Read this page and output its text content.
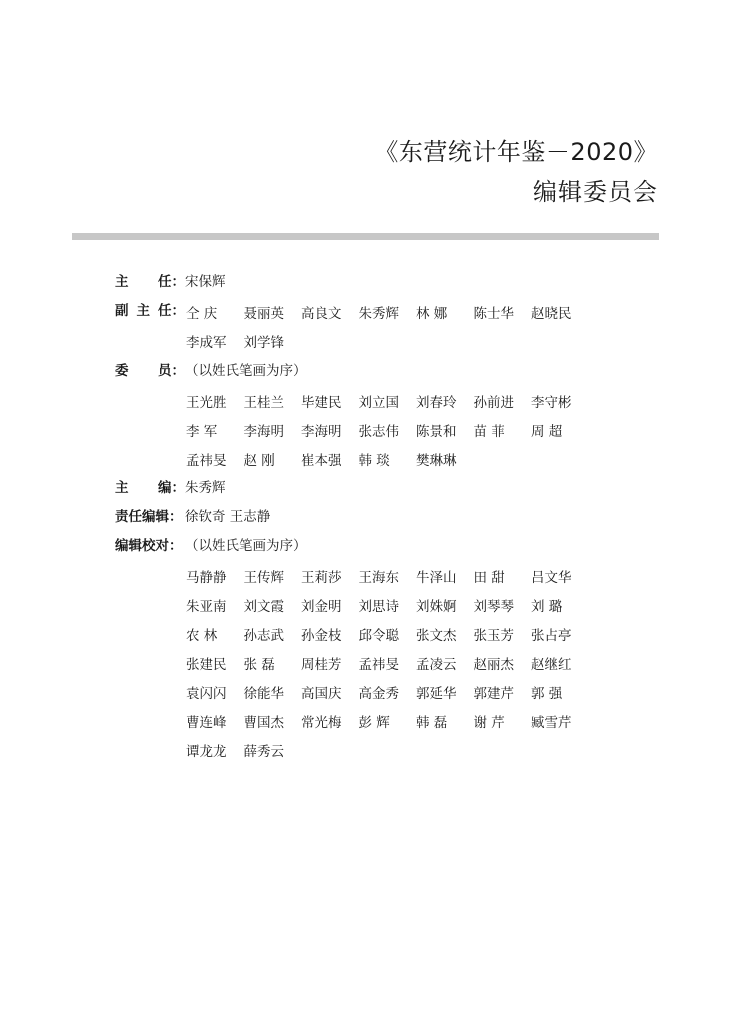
《东营统计年鉴－2020》
编辑委员会
主 任： 宋保辉
副 主 任： 仝 庆	聂丽英	高良文	朱秀辉	林 娜	陈士华	赵晓民
李成军	刘学锋
委 员： （以姓氏笔画为序）
王光胜	王桂兰	毕建民	刘立国	刘春玲	孙前进	李守彬
李 军	李海明	李海明	张志伟	陈景和	苗 菲	周 超
孟祎旻	赵 刚	崔本强	韩 琰	樊琳琳
主 编： 朱秀辉
责任编辑： 徐钦奇 王志静
编辑校对： （以姓氏笔画为序）
马静静	王传辉	王莉莎	王海东	牛泽山	田 甜	吕文华
朱亚南	刘文霞	刘金明	刘思诗	刘姝婀	刘琴琴	刘 璐
农 林	孙志武	孙金枝	邱令聪	张文杰	张玉芳	张占亭
张建民	张 磊	周桂芳	孟祎旻	孟凌云	赵丽杰	赵继红
袁闪闪	徐能华	高国庆	高金秀	郭延华	郭建芹	郭 强
曹连峰	曹国杰	常光梅	彭 辉	韩 磊	谢 芹	臧雪芹
谭龙龙	薛秀云
